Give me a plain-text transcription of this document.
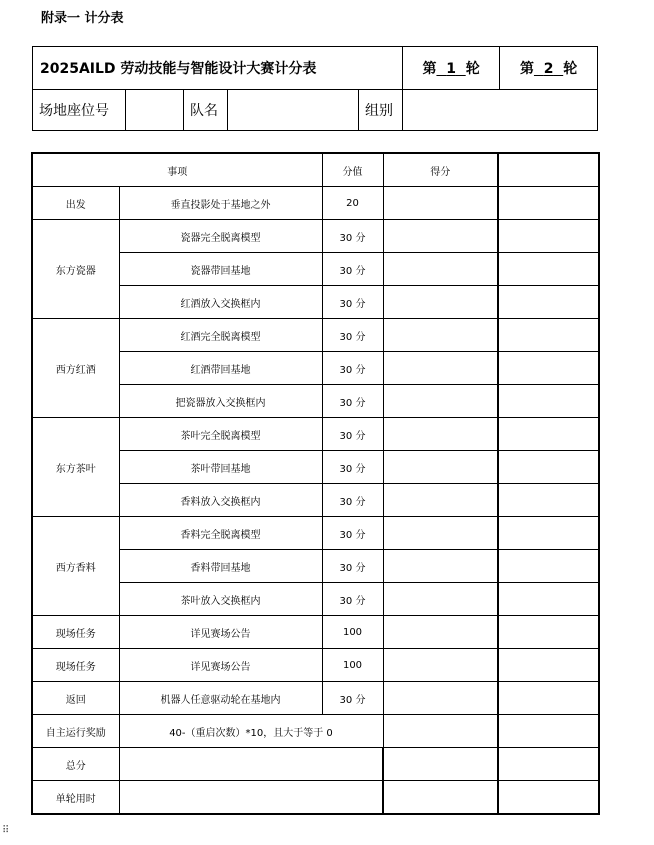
附录一 计分表
2025AILD 劳动技能与智能设计大赛计分表					第 1 轮	第 2 轮
场地座位号		队名		组别		
事项		分值	得分	
出发	垂直投影处于基地之外	20		
东方瓷器	瓷器完全脱离模型	30 分		
	瓷器带回基地	30 分		
	红酒放入交换框内	30 分		
西方红酒	红酒完全脱离模型	30 分		
	红酒带回基地	30 分		
	把瓷器放入交换框内	30 分		
东方茶叶	茶叶完全脱离模型	30 分		
	茶叶带回基地	30 分		
	香料放入交换框内	30 分		
西方香料	香料完全脱离模型	30 分		
	香料带回基地	30 分		
	茶叶放入交换框内	30 分		
现场任务	详见赛场公告	100		
现场任务	详见赛场公告	100		
返回	机器人任意驱动轮在基地内	30 分		
自主运行奖励	40-（重启次数）*10，且大于等于 0			
总分				
单轮用时				
⠿
